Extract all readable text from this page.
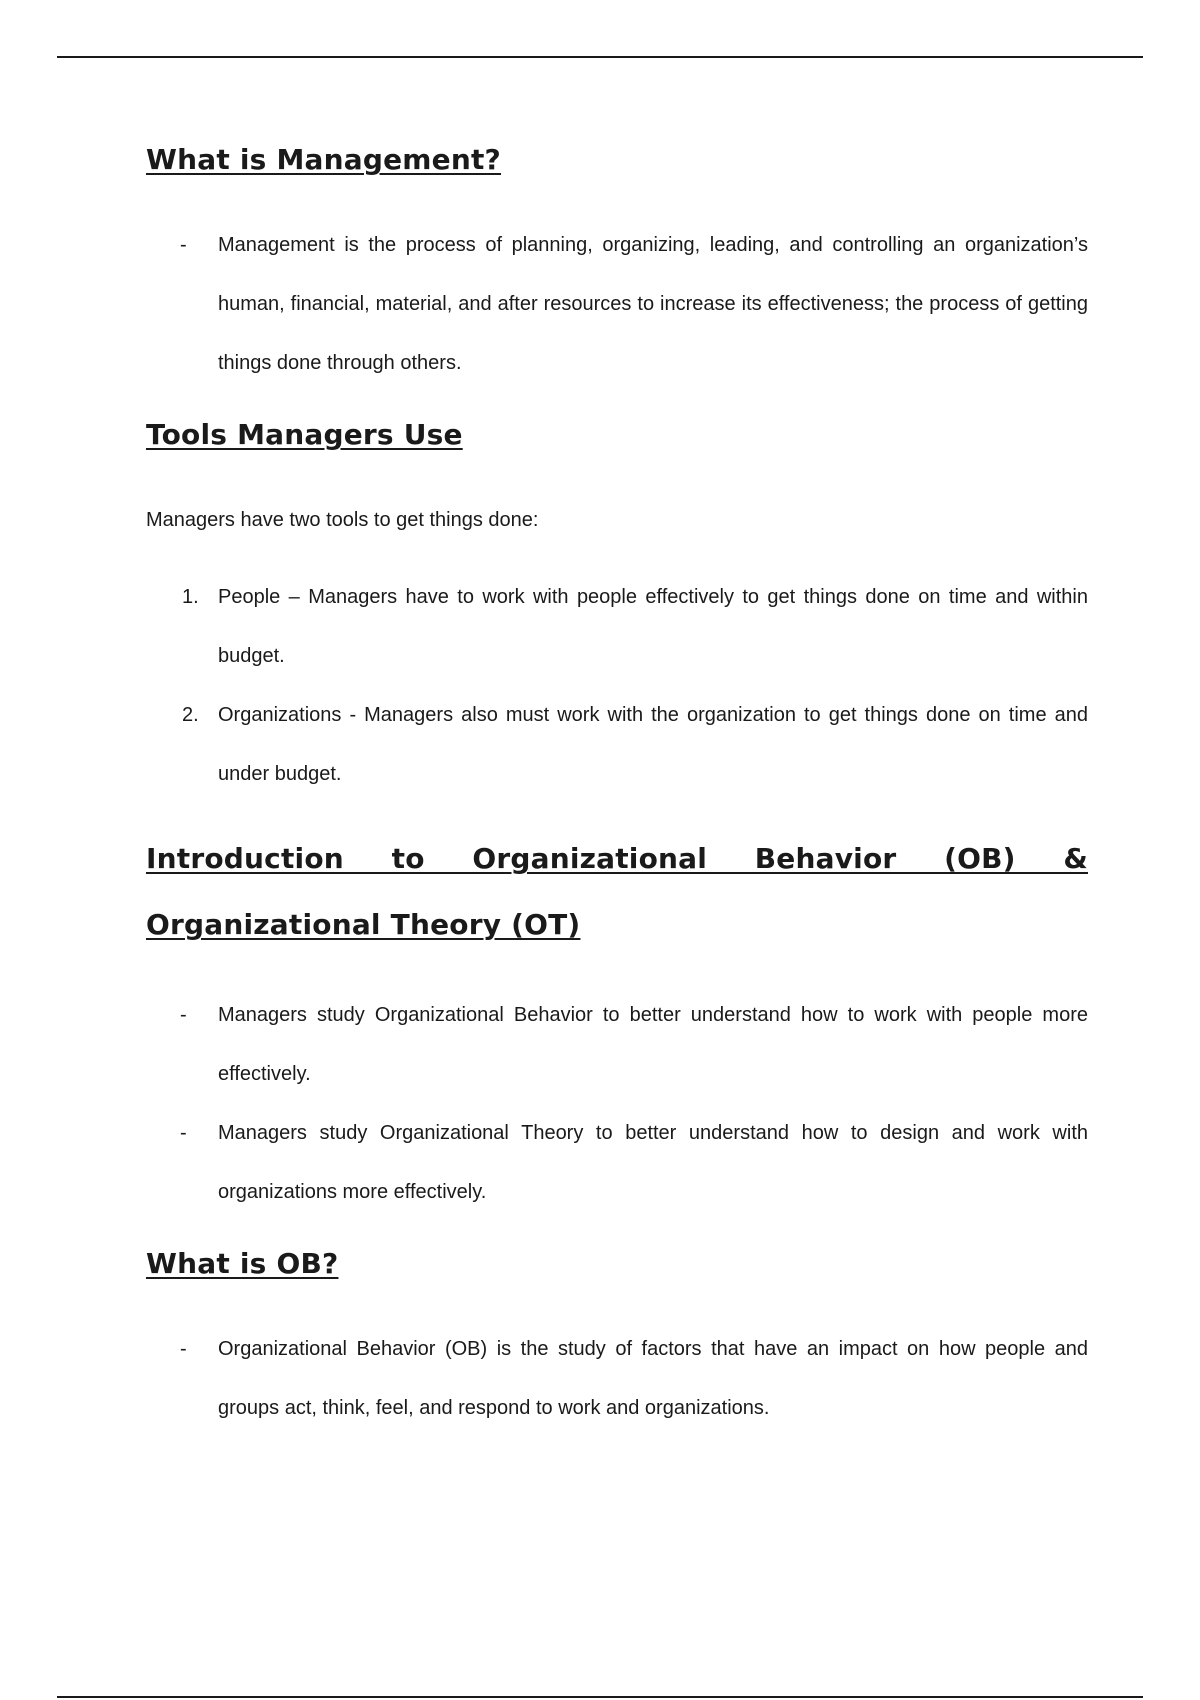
What is Management?
- Management is the process of planning, organizing, leading, and controlling an organization’s human, financial, material, and after resources to increase its effectiveness; the process of getting things done through others.
Tools Managers Use

Managers have two tools to get things done:

1. People – Managers have to work with people effectively to get things done on time and within budget.
2. Organizations - Managers also must work with the organization to get things done on time and under budget.
Introduction to Organizational Behavior (OB) & Organizational Theory (OT)
- Managers study Organizational Behavior to better understand how to work with people more effectively.
- Managers study Organizational Theory to better understand how to design and work with organizations more effectively.
What is OB?
- Organizational Behavior (OB) is the study of factors that have an impact on how people and groups act, think, feel, and respond to work and organizations.
